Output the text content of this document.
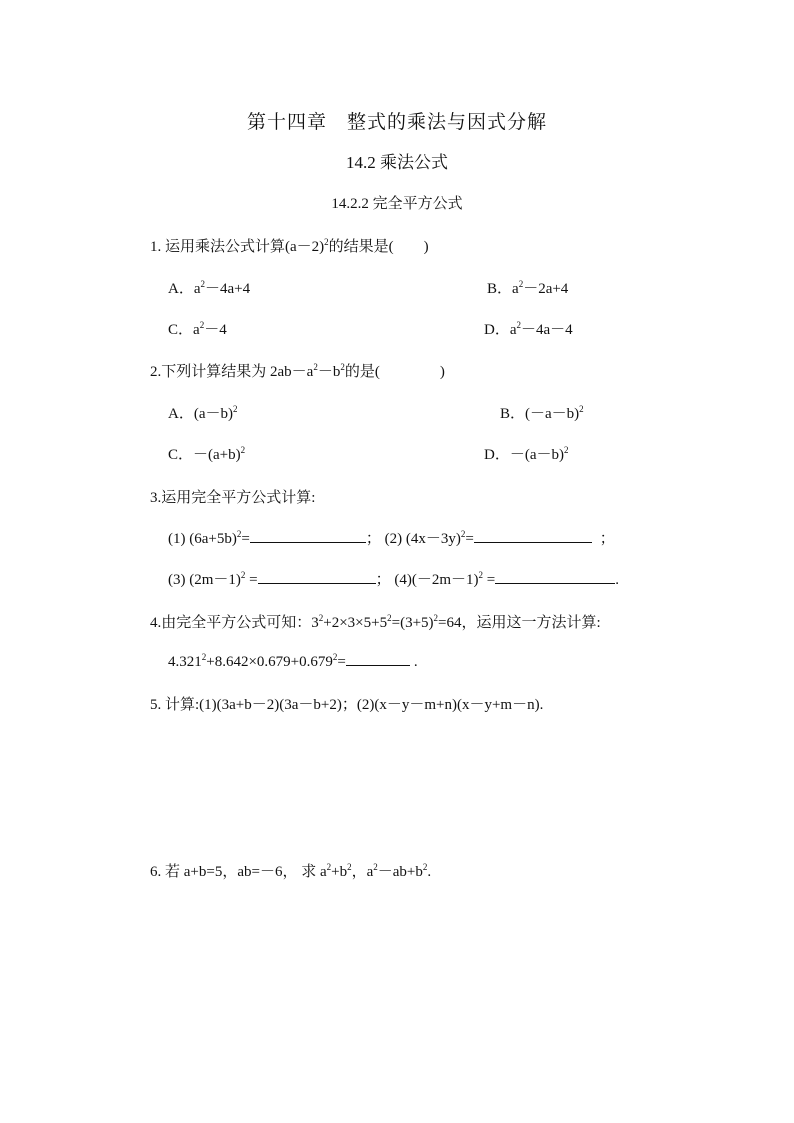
第十四章　整式的乘法与因式分解
14.2 乘法公式
14.2.2 完全平方公式
1. 运用乘法公式计算$(a-2)^2$的结果是(　　)
A．$a^2-4a+4$	B．$a^2-2a+4$
C．$a^2-4$	D．$a^2-4a-4$
2.下列计算结果为 $2ab-a^2-b^2$的是(　　　　)
A．$(a-b)^2$	B．$(-a-b)^2$
C．$-(a+b)^2$	D．$-(a-b)^2$
3.运用完全平方公式计算:
(1) $(6a+5b)^2=$	； (2) $(4x-3y)^2=$	；
(3) $(2m-1)^2$ =	； $(4)(-2m-1)^2$ =	.
4.由完全平方公式可知：$3^2+2\times 3\times 5+5^2=(3+5)^2=64$，运用这一方法计算:
$4.321^2+8.642\times 0.679+0.679^2=$	.
5. 计算:(1)(3a+b－2)(3a－b+2)；(2)(x－y－m+n)(x－y+m－n).
6. 若 a+b=5，ab=－6， 求 $a^2+b^2$，$a^2-ab+b^2$.
